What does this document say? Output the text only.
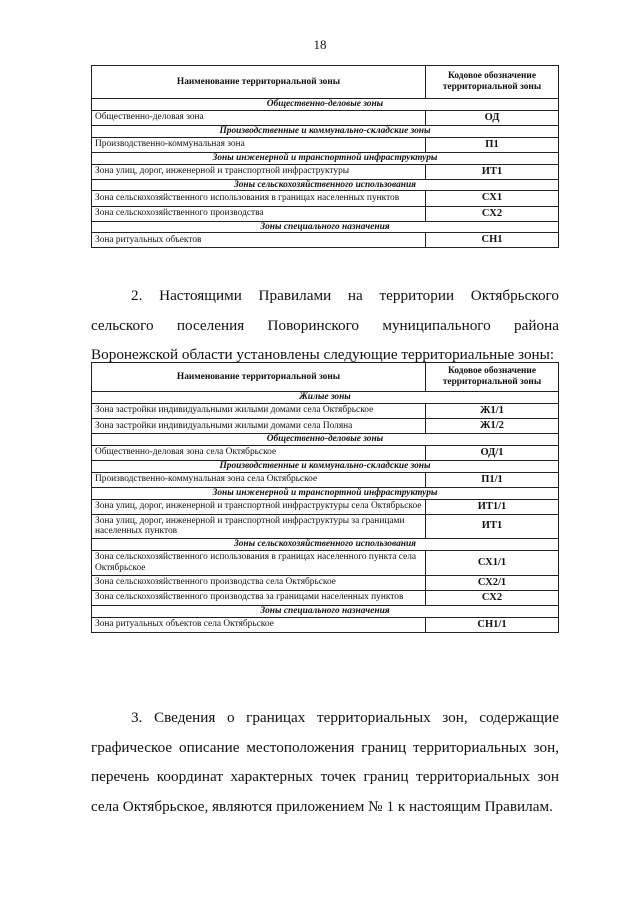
18
Наименование территориальной зоны	Кодовое обозначение территориальной зоны
Общественно-деловые зоны	
Общественно-деловая зона	ОД
Производственные и коммунально-складские зоны	
Производственно-коммунальная зона	П1
Зоны инженерной и транспортной инфраструктуры	
Зона улиц, дорог, инженерной и транспортной инфраструктуры	ИТ1
Зоны сельскохозяйственного использования	
Зона сельскохозяйственного использования в границах населенных пунктов	СХ1
Зона сельскохозяйственного производства	СХ2
Зоны специального назначения	
Зона ритуальных объектов	СН1

2. Настоящими Правилами на территории Октябрьского сельского поселения Поворинского муниципального района Воронежской области установлены следующие территориальные зоны:

Наименование территориальной зоны	Кодовое обозначение территориальной зоны
Жилые зоны	
Зона застройки индивидуальными жилыми домами села Октябрьское	Ж1/1
Зона застройки индивидуальными жилыми домами села Поляна	Ж1/2
Общественно-деловые зоны	
Общественно-деловая зона села Октябрьское	ОД/1
Производственные и коммунально-складские зоны	
Производственно-коммунальная зона села Октябрьское	П1/1
Зоны инженерной и транспортной инфраструктуры	
Зона улиц, дорог, инженерной и транспортной инфраструктуры села Октябрьское	ИТ1/1
Зона улиц, дорог, инженерной и транспортной инфраструктуры за границами населенных пунктов	ИТ1
Зоны сельскохозяйственного использования	
Зона сельскохозяйственного использования в границах населенного пункта села Октябрьское	СХ1/1
Зона сельскохозяйственного производства села Октябрьское	СХ2/1
Зона сельскохозяйственного производства за границами населенных пунктов	СХ2
Зоны специального назначения	
Зона ритуальных объектов села Октябрьское	СН1/1

3. Сведения о границах территориальных зон, содержащие графическое описание местоположения границ территориальных зон, перечень координат характерных точек границ территориальных зон села Октябрьское, являются приложением № 1 к настоящим Правилам.
